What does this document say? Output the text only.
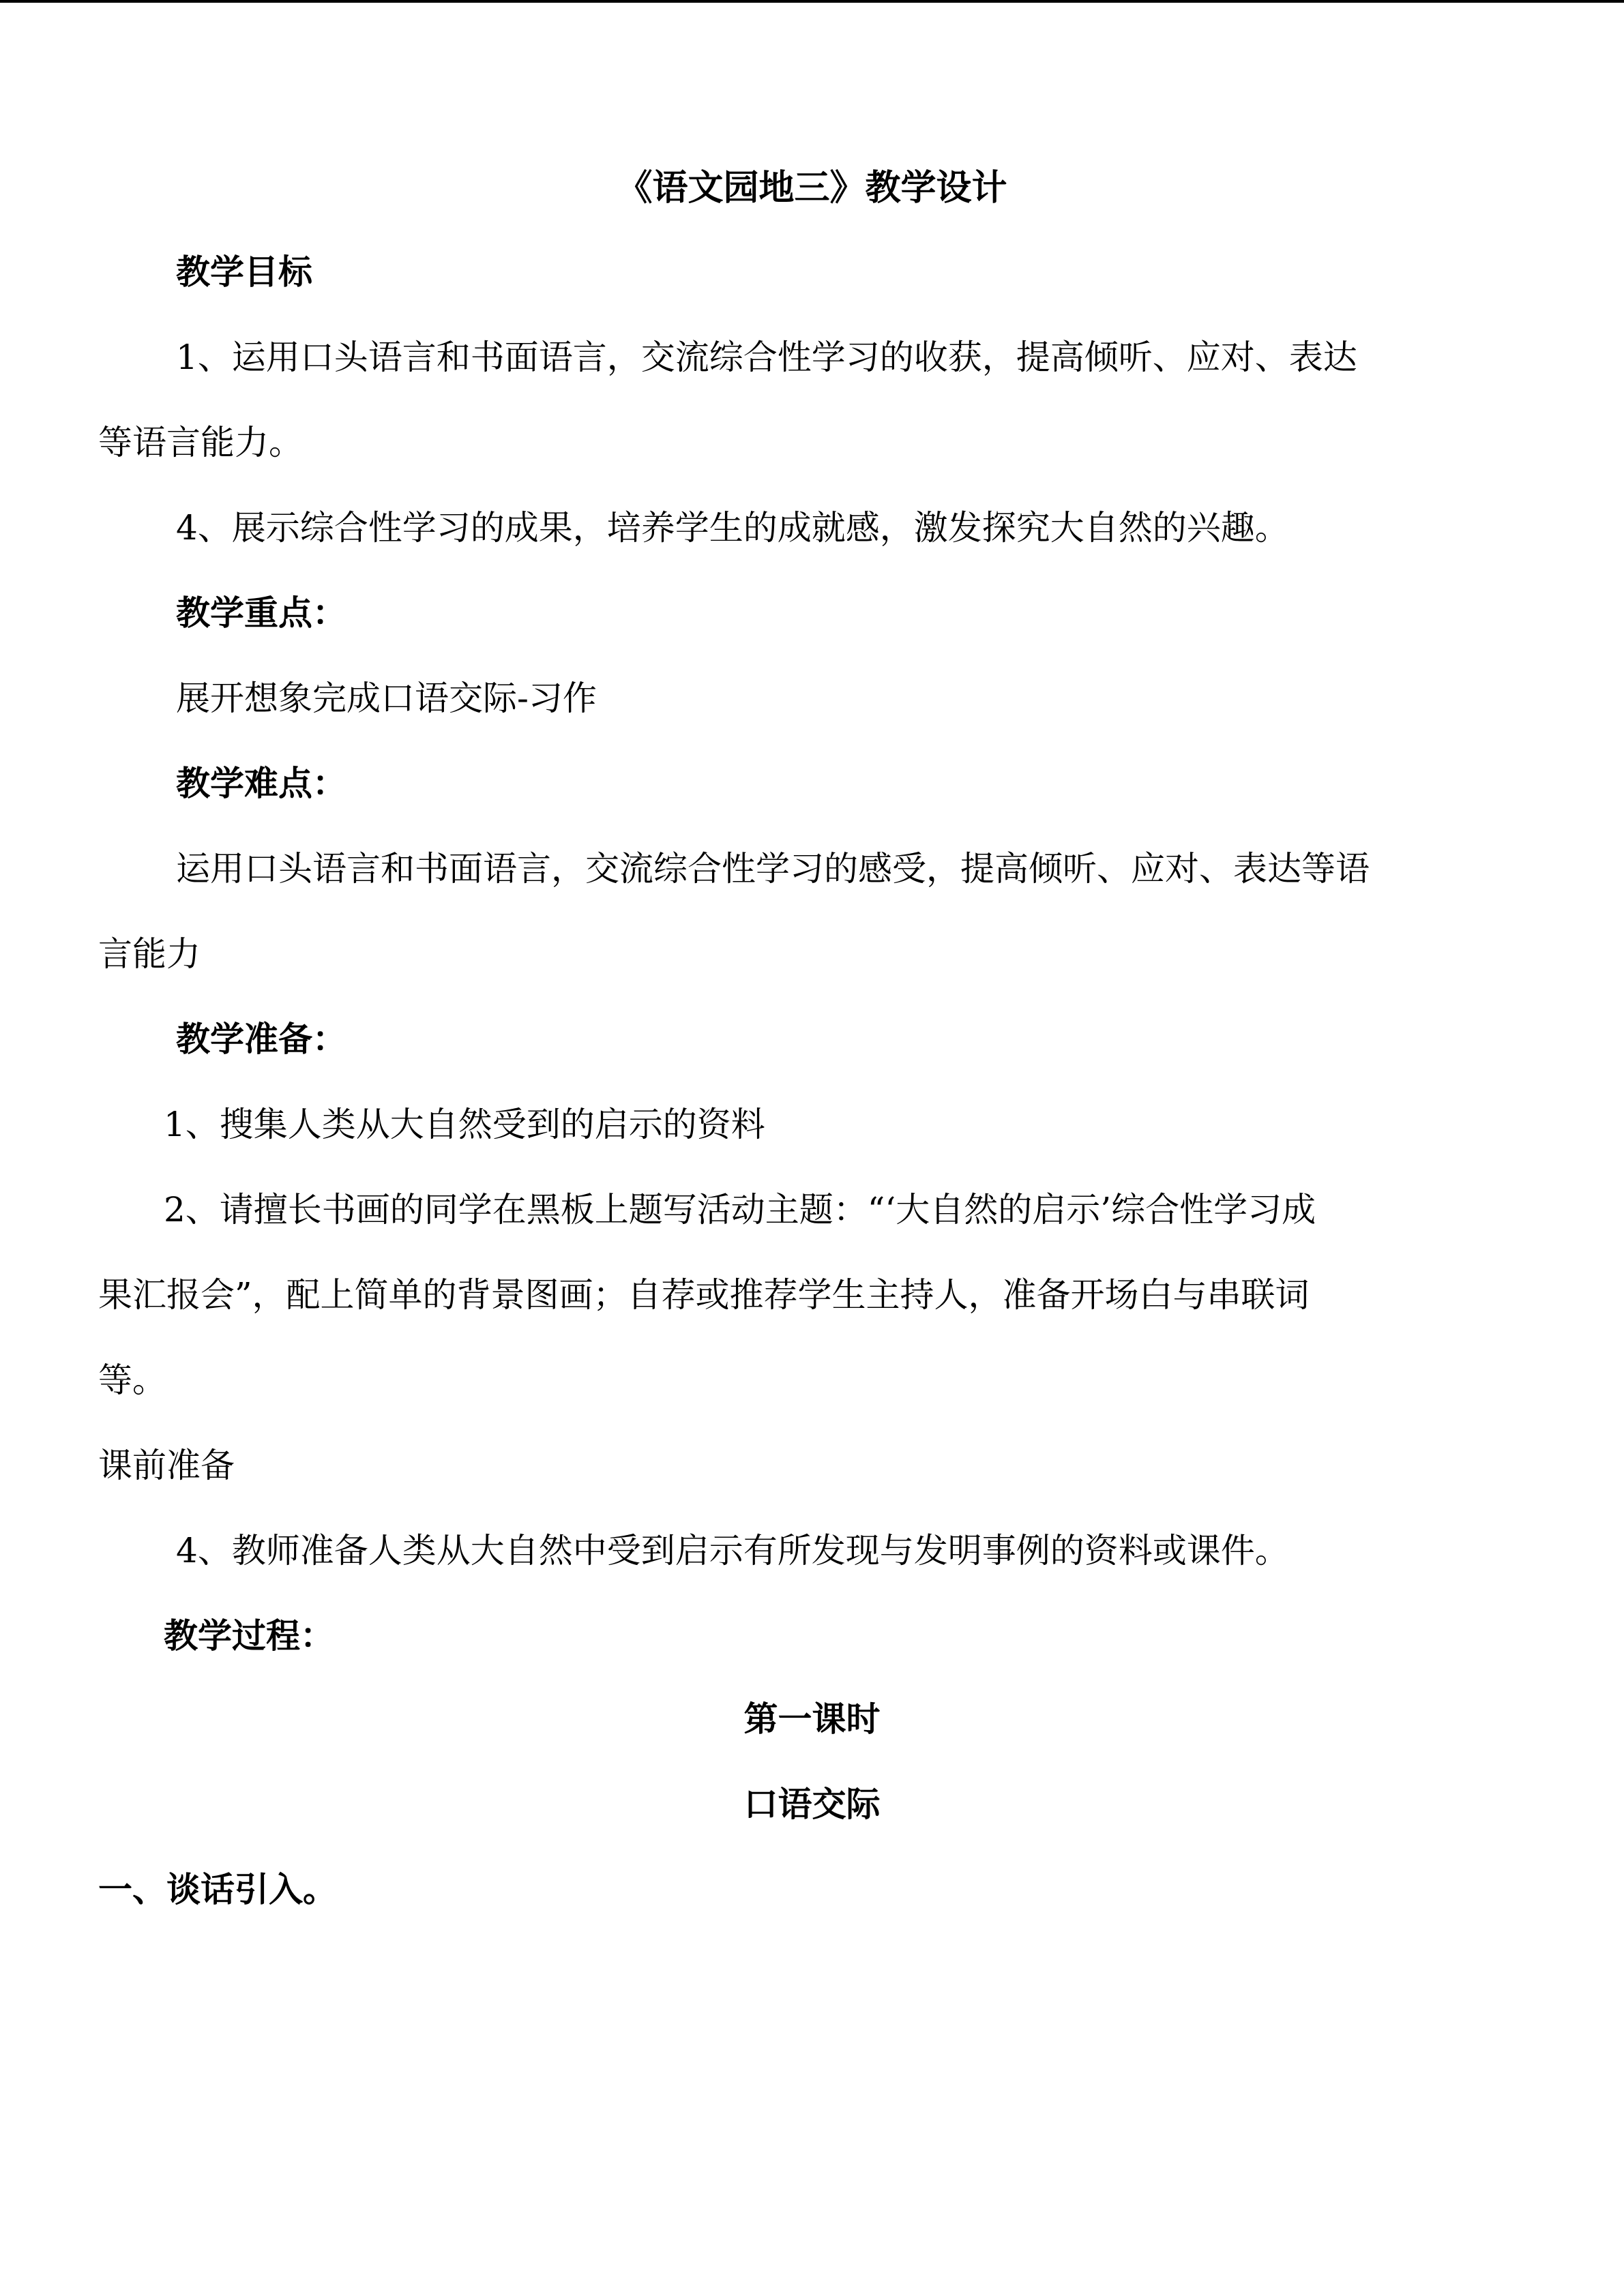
《语文园地三》教学设计

教学目标

1、运用口头语言和书面语言，交流综合性学习的收获，提高倾听、应对、表达

等语言能力。

4、展示综合性学习的成果，培养学生的成就感，激发探究大自然的兴趣。

教学重点：

展开想象完成口语交际-习作

教学难点：

运用口头语言和书面语言，交流综合性学习的感受，提高倾听、应对、表达等语

言能力

教学准备：

1、搜集人类从大自然受到的启示的资料

2、请擅长书画的同学在黑板上题写活动主题：“‘大自然的启示’综合性学习成

果汇报会”，配上简单的背景图画；自荐或推荐学生主持人，准备开场白与串联词

等。

课前准备

4、教师准备人类从大自然中受到启示有所发现与发明事例的资料或课件。

教学过程：

第一课时

口语交际

一、谈话引入。
